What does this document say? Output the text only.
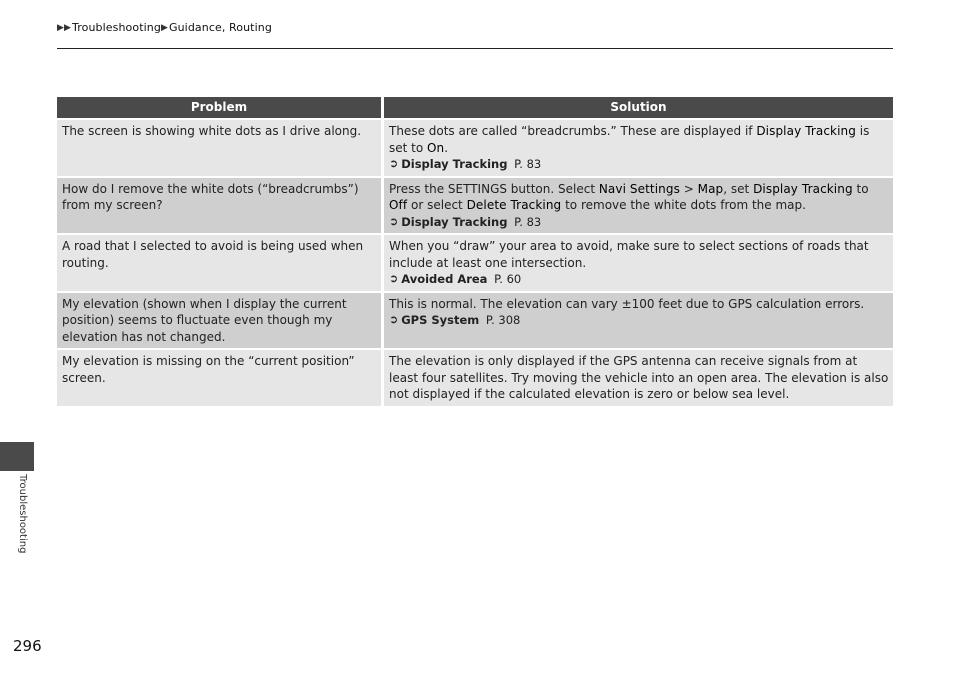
▶▶ Troubleshooting ▶ Guidance, Routing
Problem	Solution
The screen is showing white dots as I drive along.	These dots are called “breadcrumbs.” These are displayed if Display Tracking is set to On.
➲ Display Tracking P. 83

How do I remove the white dots (“breadcrumbs”) from my screen?	Press the SETTINGS button. Select Navi Settings > Map, set Display Tracking to Off or select Delete Tracking to remove the white dots from the map.
➲ Display Tracking P. 83

A road that I selected to avoid is being used when routing.	When you “draw” your area to avoid, make sure to select sections of roads that include at least one intersection.
➲ Avoided Area P. 60

My elevation (shown when I display the current position) seems to fluctuate even though my elevation has not changed.	This is normal. The elevation can vary ±100 feet due to GPS calculation errors.
➲ GPS System P. 308

My elevation is missing on the “current position” screen.	The elevation is only displayed if the GPS antenna can receive signals from at least four satellites. Try moving the vehicle into an open area. The elevation is also not displayed if the calculated elevation is zero or below sea level.
Troubleshooting
296
